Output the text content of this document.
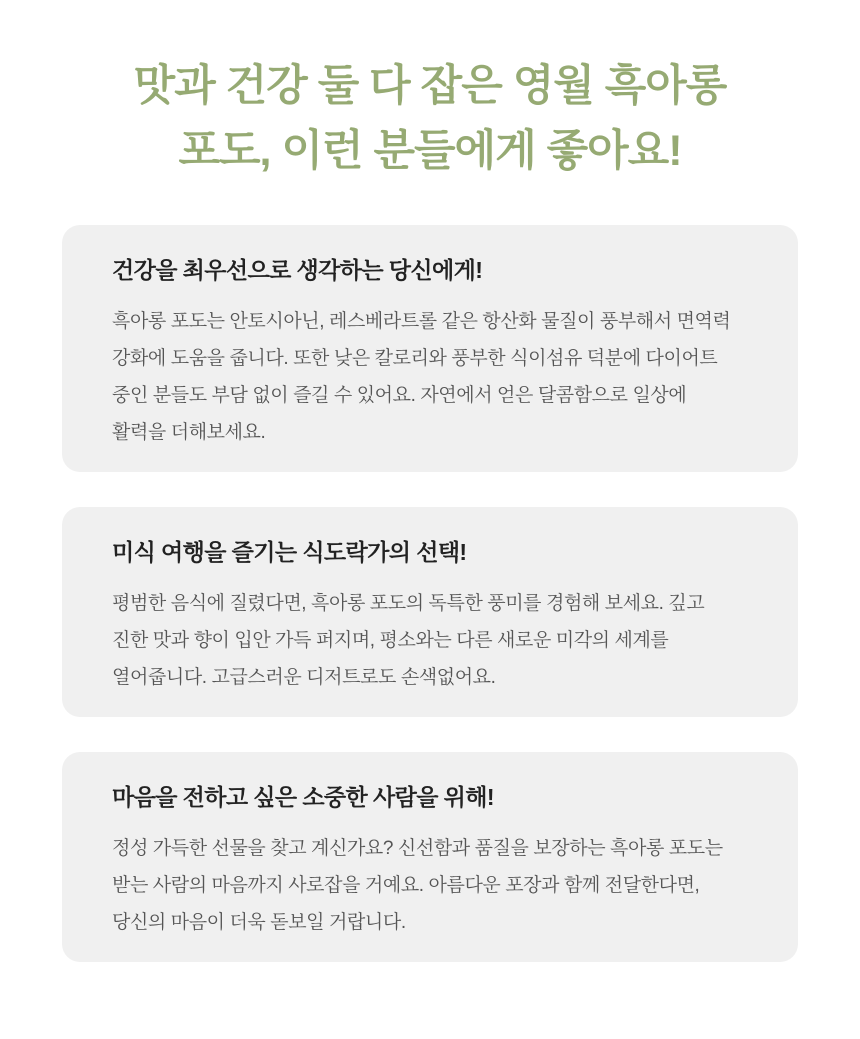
맛과 건강 둘 다 잡은 영월 흑아롱
포도, 이런 분들에게 좋아요!
건강을 최우선으로 생각하는 당신에게!

흑아롱 포도는 안토시아닌, 레스베라트롤 같은 항산화 물질이 풍부해서 면역력
강화에 도움을 줍니다. 또한 낮은 칼로리와 풍부한 식이섬유 덕분에 다이어트
중인 분들도 부담 없이 즐길 수 있어요. 자연에서 얻은 달콤함으로 일상에
활력을 더해보세요.

미식 여행을 즐기는 식도락가의 선택!

평범한 음식에 질렸다면, 흑아롱 포도의 독특한 풍미를 경험해 보세요. 깊고
진한 맛과 향이 입안 가득 퍼지며, 평소와는 다른 새로운 미각의 세계를
열어줍니다. 고급스러운 디저트로도 손색없어요.

마음을 전하고 싶은 소중한 사람을 위해!

정성 가득한 선물을 찾고 계신가요? 신선함과 품질을 보장하는 흑아롱 포도는
받는 사람의 마음까지 사로잡을 거예요. 아름다운 포장과 함께 전달한다면,
당신의 마음이 더욱 돋보일 거랍니다.
